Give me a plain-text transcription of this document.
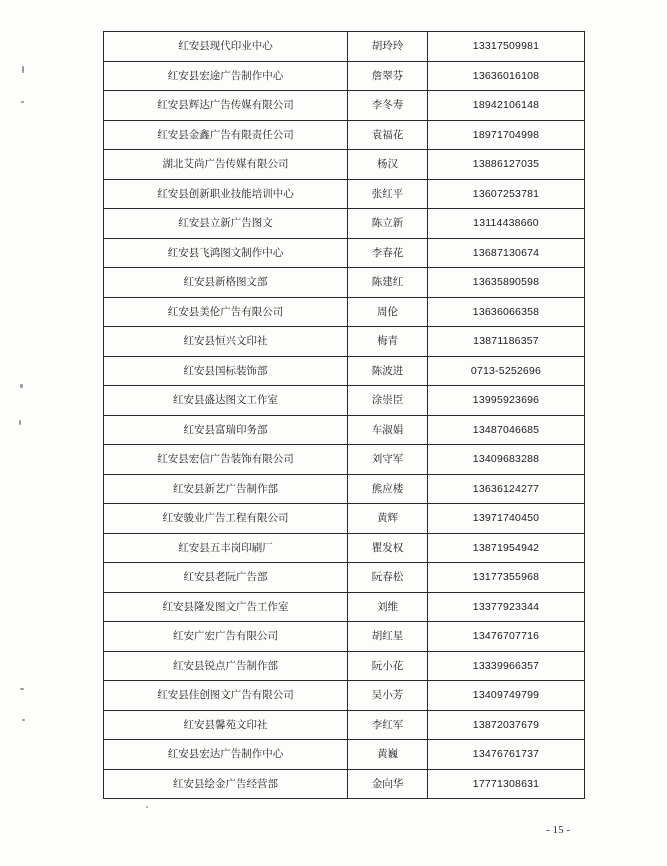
红安县现代印业中心	胡玲玲	13317509981
红安县宏途广告制作中心	詹翠芬	13636016108
红安县辉达广告传媒有限公司	李冬寿	18942106148
红安县金鑫广告有限责任公司	袁福花	18971704998
湖北艾尚广告传媒有限公司	杨汉	13886127035
红安县创新职业技能培训中心	张红平	13607253781
红安县立新广告图文	陈立新	13114438660
红安县飞鸿图文制作中心	李春花	13687130674
红安县新格图文部	陈建红	13635890598
红安县美伦广告有限公司	周伦	13636066358
红安县恒兴文印社	梅青	13871186357
红安县国标装饰部	陈波进	0713-5252696
红安县盛达图文工作室	涂崇臣	13995923696
红安县富瑞印务部	车淑娟	13487046685
红安县宏信广告装饰有限公司	刘守军	13409683288
红安县新艺广告制作部	熊应楼	13636124277
红安骏业广告工程有限公司	黄辉	13971740450
红安县五丰岗印刷厂	瞿发权	13871954942
红安县老阮广告部	阮春松	13177355968
红安县隆发图文广告工作室	刘维	13377923344
红安广宏广告有限公司	胡红星	13476707716
红安县锐点广告制作部	阮小花	13339966357
红安县佳创图文广告有限公司	吴小芳	13409749799
红安县馨苑文印社	李红军	13872037679
红安县宏达广告制作中心	黄巍	13476761737
红安县绘金广告经营部	金向华	17771308631
- 15 -
